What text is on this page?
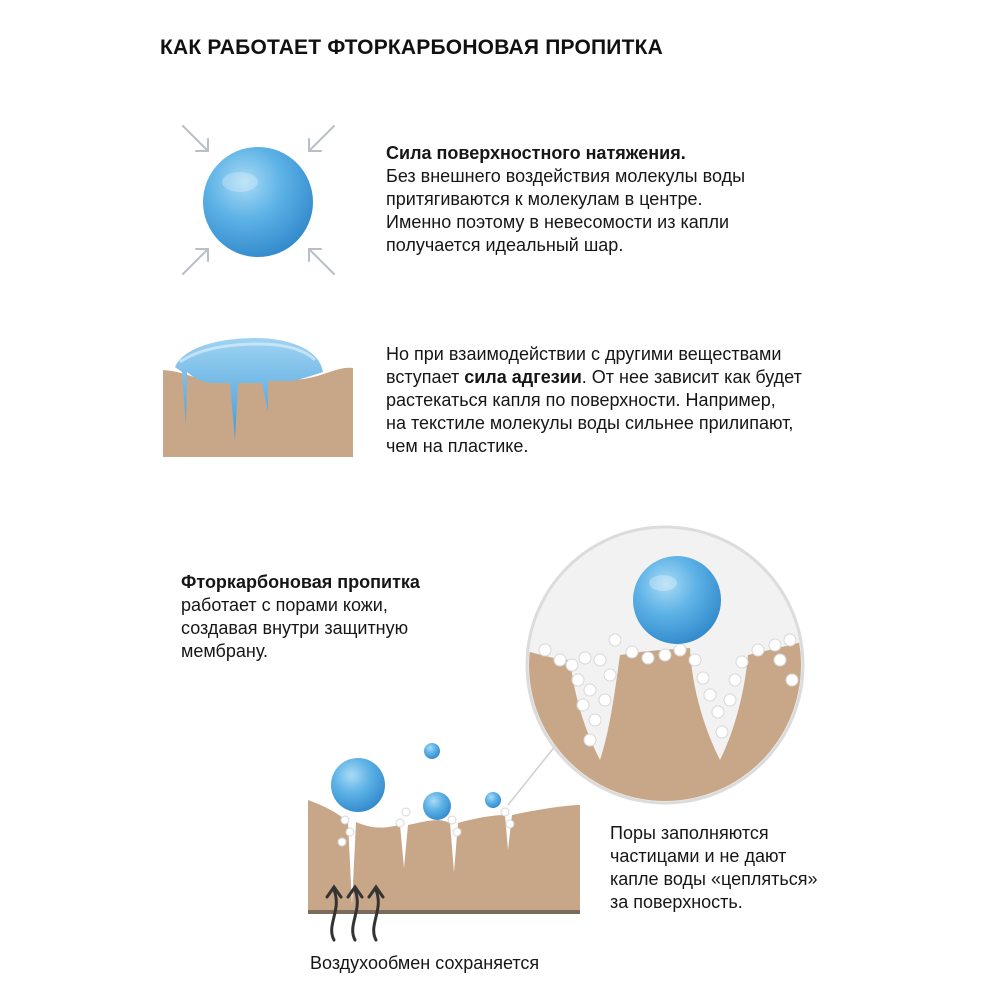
КАК РАБОТАЕТ ФТОРКАРБОНОВАЯ ПРОПИТКА

Сила поверхностного натяжения.

Без внешнего воздействия молекулы воды

притягиваются к молекулам в центре.

Именно поэтому в невесомости из капли

получается идеальный шар.

Но при взаимодействии с другими веществами

вступает сила адгезии. От нее зависит как будет

растекаться капля по поверхности. Например,

на текстиле молекулы воды сильнее прилипают,

чем на пластике.

Фторкарбоновая пропитка

работает с порами кожи,

создавая внутри защитную

мембрану.

Поры заполняются

частицами и не дают

капле воды «цепляться»

за поверхность.

Воздухообмен сохраняется
